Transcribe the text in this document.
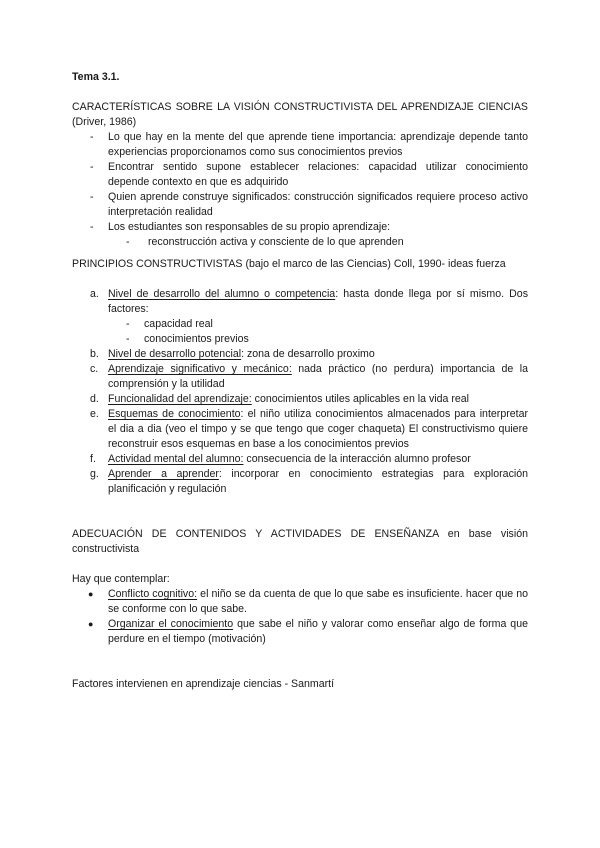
Tema 3.1.

CARACTERÍSTICAS SOBRE LA VISIÓN CONSTRUCTIVISTA DEL APRENDIZAJE CIENCIAS (Driver, 1986)

- Lo que hay en la mente del que aprende tiene importancia: aprendizaje depende tanto experiencias proporcionamos como sus conocimientos previos
- Encontrar sentido supone establecer relaciones: capacidad utilizar conocimiento depende contexto en que es adquirido
- Quien aprende construye significados: construcción significados requiere proceso activo interpretación realidad
- Los estudiantes son responsables de su propio aprendizaje:
- reconstrucción activa y consciente de lo que aprenden

PRINCIPIOS CONSTRUCTIVISTAS (bajo el marco de las Ciencias) Coll, 1990- ideas fuerza

a. Nivel de desarrollo del alumno o competencia: hasta donde llega por sí mismo. Dos factores:
- capacidad real
- conocimientos previos
b. Nivel de desarrollo potencial: zona de desarrollo proximo
c. Aprendizaje significativo y mecánico: nada práctico (no perdura) importancia de la comprensión y la utilidad
d. Funcionalidad del aprendizaje: conocimientos utiles aplicables en la vida real
e. Esquemas de conocimiento: el niño utiliza conocimientos almacenados para interpretar el dia a dia (veo el timpo y se que tengo que coger chaqueta) El constructivismo quiere reconstruir esos esquemas en base a los conocimientos previos
f. Actividad mental del alumno: consecuencia de la interacción alumno profesor
g. Aprender a aprender: incorporar en conocimiento estrategias para exploración planificación y regulación

ADECUACIÓN DE CONTENIDOS Y ACTIVIDADES DE ENSEÑANZA en base visión constructivista

Hay que contemplar:

● Conflicto cognitivo: el niño se da cuenta de que lo que sabe es insuficiente. hacer que no se conforme con lo que sabe.
● Organizar el conocimiento que sabe el niño y valorar como enseñar algo de forma que perdure en el tiempo (motivación)

Factores intervienen en aprendizaje ciencias - Sanmartí
